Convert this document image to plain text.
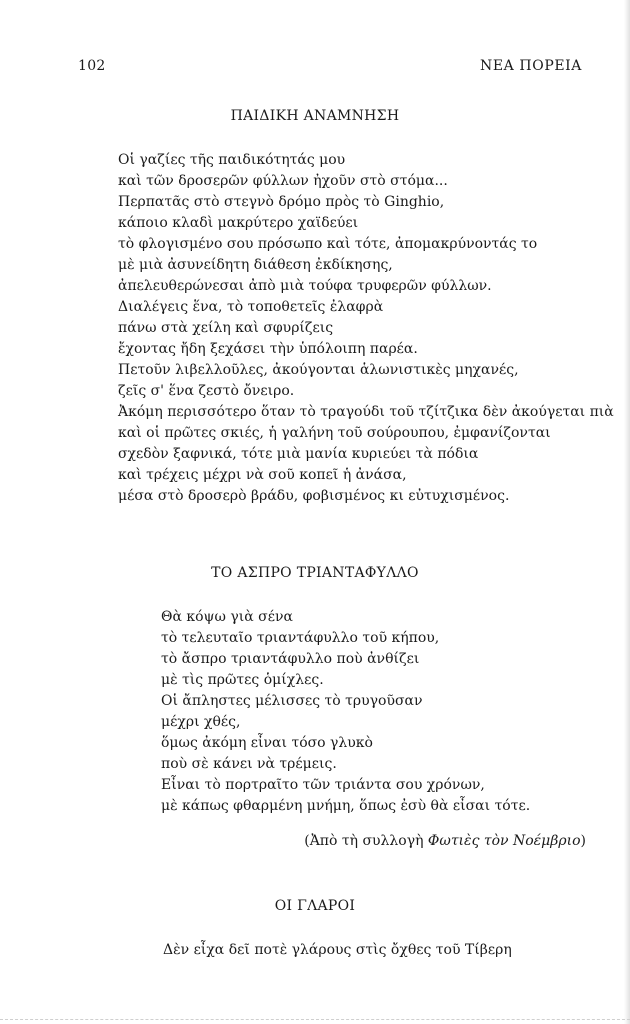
102	ΝΕΑ ΠΟΡΕΙΑ
ΠΑΙΔΙΚΗ ΑΝΑΜΝΗΣΗ
Οἱ γαζίες τῆς παιδικότητάς μου
καὶ τῶν δροσερῶν φύλλων ἠχοῦν στὸ στόμα...
Περπατᾶς στὸ στεγνὸ δρόμο πρὸς τὸ Ginghio,
κάποιο κλαδὶ μακρύτερο χαϊδεύει
τὸ φλογισμένο σου πρόσωπο καὶ τότε, ἀπομακρύνοντάς το
μὲ μιὰ ἀσυνείδητη διάθεση ἐκδίκησης,
ἀπελευθερώνεσαι ἀπὸ μιὰ τούφα τρυφερῶν φύλλων.
Διαλέγεις ἕνα, τὸ τοποθετεῖς ἐλαφρὰ
πάνω στὰ χείλη καὶ σφυρίζεις
ἔχοντας ἤδη ξεχάσει τὴν ὑπόλοιπη παρέα.
Πετοῦν λιβελλοῦλες, ἀκούγονται ἁλωνιστικὲς μηχανές,
ζεῖς σ' ἕνα ζεστὸ ὄνειρο.
Ἀκόμη περισσότερο ὅταν τὸ τραγούδι τοῦ τζίτζικα δὲν ἀκούγεται πιὰ
καὶ οἱ πρῶτες σκιές, ἡ γαλήνη τοῦ σούρουπου, ἐμφανίζονται
σχεδὸν ξαφνικά, τότε μιὰ μανία κυριεύει τὰ πόδια
καὶ τρέχεις μέχρι νὰ σοῦ κοπεῖ ἡ ἀνάσα,
μέσα στὸ δροσερὸ βράδυ, φοβισμένος κι εὐτυχισμένος.
ΤΟ ΑΣΠΡΟ ΤΡΙΑΝΤΑΦΥΛΛΟ
Θὰ κόψω γιὰ σένα
τὸ τελευταῖο τριαντάφυλλο τοῦ κήπου,
τὸ ἄσπρο τριαντάφυλλο ποὺ ἀνθίζει
μὲ τὶς πρῶτες ὁμίχλες.
Οἱ ἄπληστες μέλισσες τὸ τρυγοῦσαν
μέχρι χθές,
ὅμως ἀκόμη εἶναι τόσο γλυκὸ
ποὺ σὲ κάνει νὰ τρέμεις.
Εἶναι τὸ πορτραῖτο τῶν τριάντα σου χρόνων,
μὲ κάπως φθαρμένη μνήμη, ὅπως ἐσὺ θὰ εἶσαι τότε.
(Ἀπὸ τὴ συλλογὴ Φωτιὲς τὸν Νοέμβριο)
ΟΙ ΓΛΑΡΟΙ
Δὲν εἶχα δεῖ ποτὲ γλάρους στὶς ὄχθες τοῦ Τίβερη
